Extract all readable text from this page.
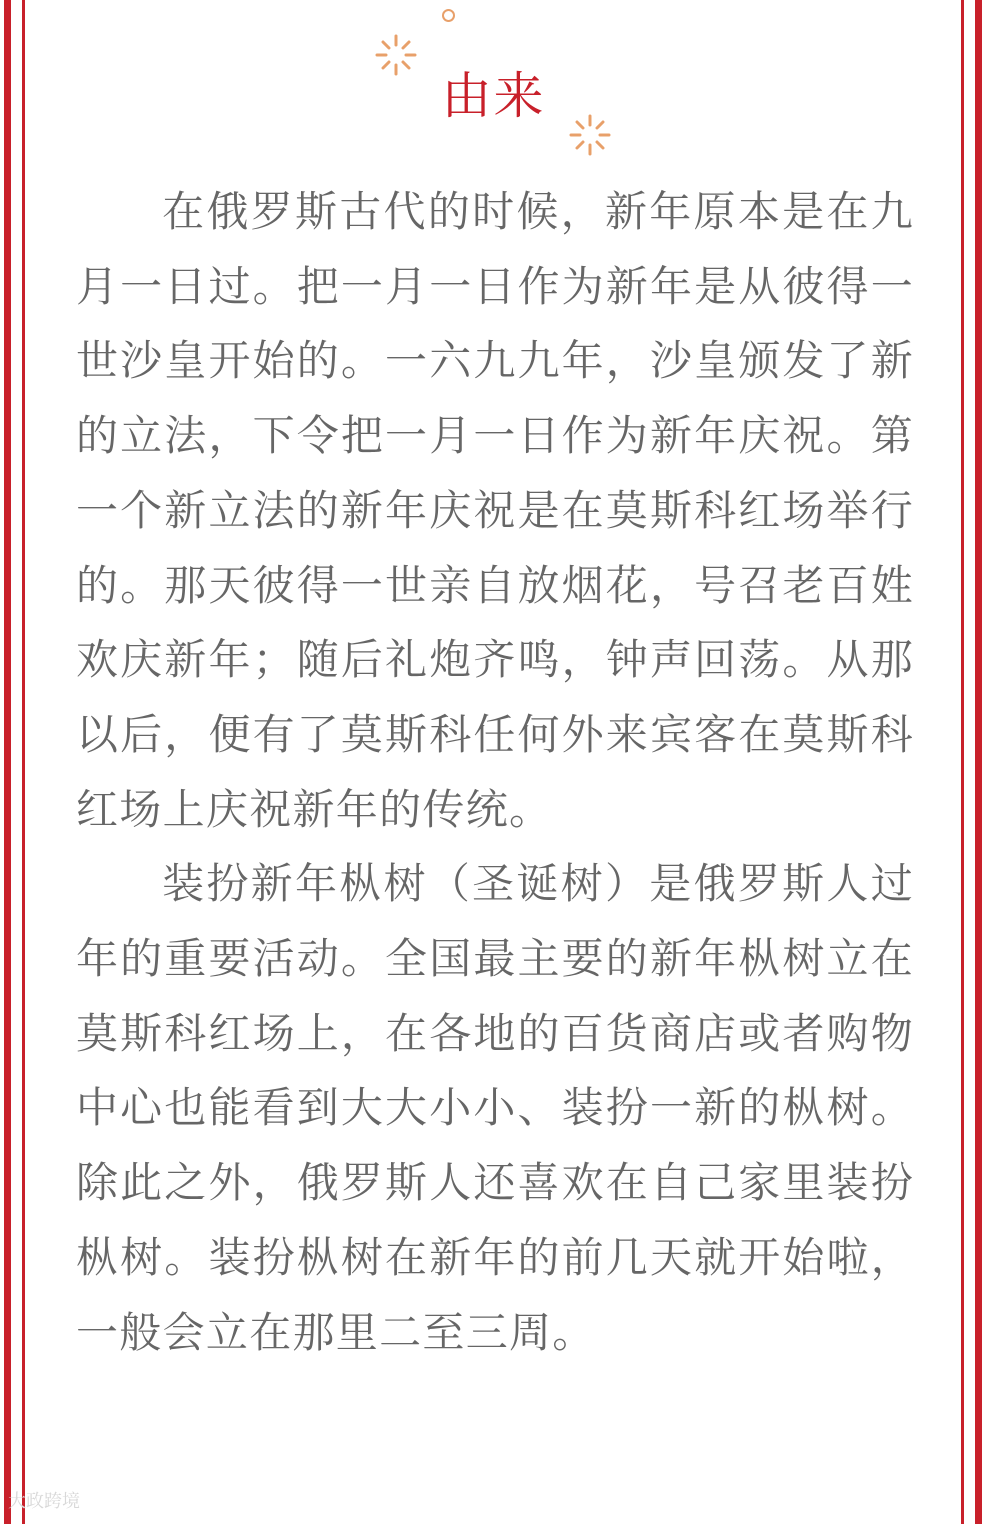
由来

在俄罗斯古代的时候，新年原本是在九月一日过。把一月一日作为新年是从彼得一世沙皇开始的。一六九九年，沙皇颁发了新的立法，下令把一月一日作为新年庆祝。第一个新立法的新年庆祝是在莫斯科红场举行的。那天彼得一世亲自放烟花，号召老百姓欢庆新年；随后礼炮齐鸣，钟声回荡。从那以后，便有了莫斯科任何外来宾客在莫斯科红场上庆祝新年的传统。

装扮新年枞树（圣诞树）是俄罗斯人过年的重要活动。全国最主要的新年枞树立在莫斯科红场上，在各地的百货商店或者购物中心也能看到大大小小、装扮一新的枞树。除此之外，俄罗斯人还喜欢在自己家里装扮枞树。装扮枞树在新年的前几天就开始啦，一般会立在那里二至三周。

大政跨境
